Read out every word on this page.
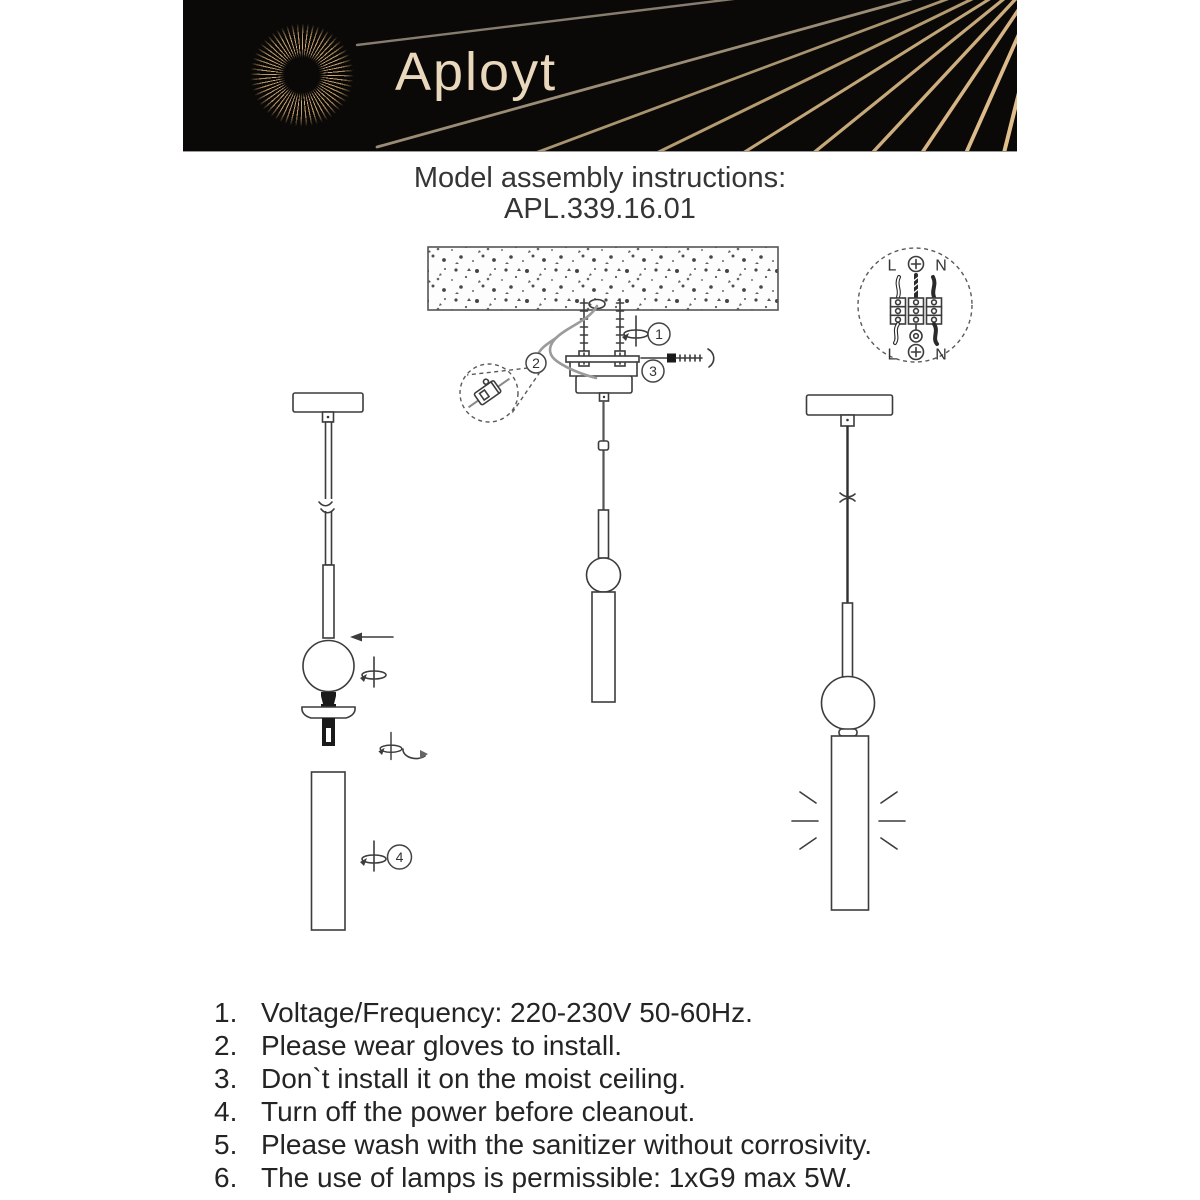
Aployt
Model assembly instructions:
APL.339.16.01
1
3
2
L N
L N
4
1. Voltage/Frequency: 220-230V 50-60Hz.
2. Please wear gloves to install.
3. Don`t install it on the moist ceiling.
4. Turn off the power before cleanout.
5. Please wash with the sanitizer without corrosivity.
6. The use of lamps is permissible: 1xG9 max 5W.
